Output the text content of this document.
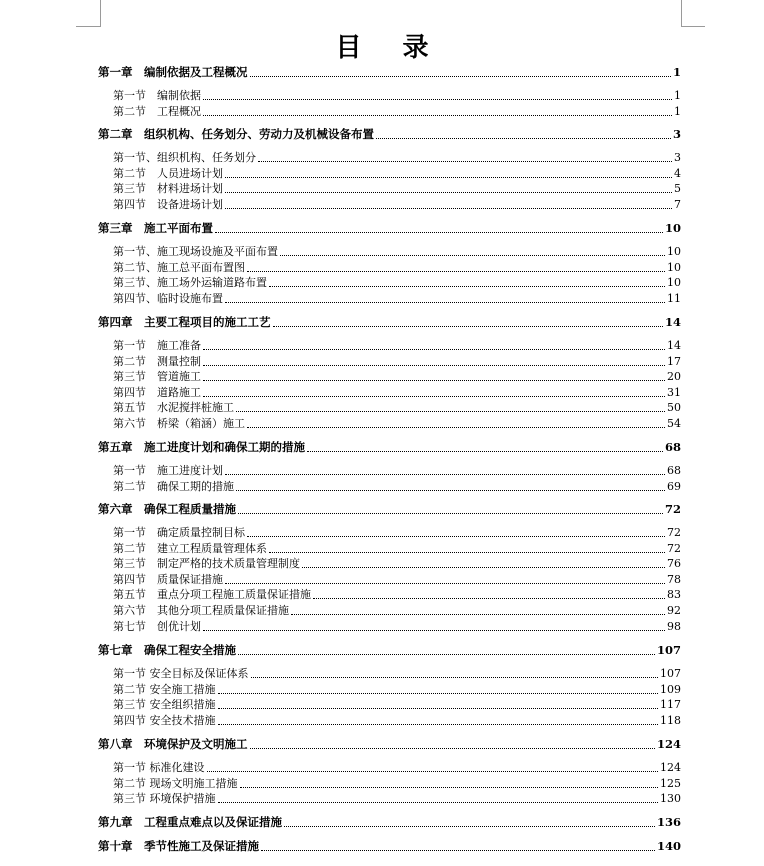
目 录
第一章　编制依据及工程概况	1
第一节　编制依据	1
第二节　工程概况	1
第二章　组织机构、任务划分、劳动力及机械设备布置	3
第一节、组织机构、任务划分	3
第二节　人员进场计划	4
第三节　材料进场计划	5
第四节　设备进场计划	7
第三章　施工平面布置	10
第一节、施工现场设施及平面布置	10
第二节、施工总平面布置图	10
第三节、施工场外运输道路布置	10
第四节、临时设施布置	11
第四章　主要工程项目的施工工艺	14
第一节　施工准备	14
第二节　测量控制	17
第三节　管道施工	20
第四节　道路施工	31
第五节　水泥搅拌桩施工	50
第六节　桥梁（箱涵）施工	54
第五章　施工进度计划和确保工期的措施	68
第一节　施工进度计划	68
第二节　确保工期的措施	69
第六章　确保工程质量措施	72
第一节　确定质量控制目标	72
第二节　建立工程质量管理体系	72
第三节　制定严格的技术质量管理制度	76
第四节　质量保证措施	78
第五节　重点分项工程施工质量保证措施	83
第六节　其他分项工程质量保证措施	92
第七节　创优计划	98
第七章　确保工程安全措施	107
第一节 安全目标及保证体系	107
第二节 安全施工措施	109
第三节 安全组织措施	117
第四节 安全技术措施	118
第八章　环境保护及文明施工	124
第一节 标准化建设	124
第二节 现场文明施工措施	125
第三节 环境保护措施	130
第九章　工程重点难点以及保证措施	136
第十章　季节性施工及保证措施	140
